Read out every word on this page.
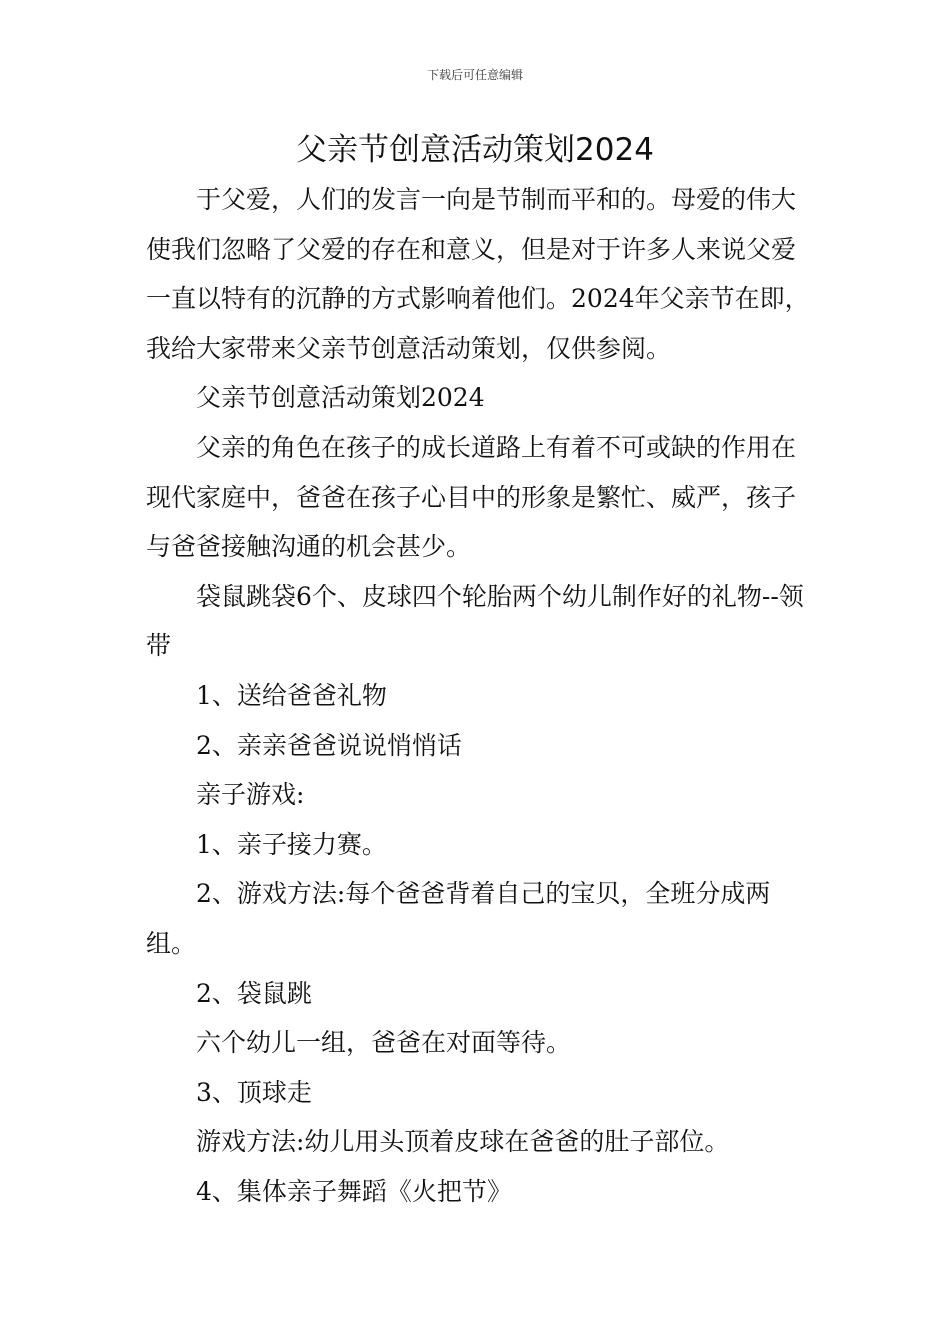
下载后可任意编辑
父亲节创意活动策划2024

于父爱，人们的发言一向是节制而平和的。母爱的伟大使我们忽略了父爱的存在和意义，但是对于许多人来说父爱一直以特有的沉静的方式影响着他们。2024年父亲节在即，我给大家带来父亲节创意活动策划，仅供参阅。

父亲节创意活动策划2024

父亲的角色在孩子的成长道路上有着不可或缺的作用在现代家庭中，爸爸在孩子心目中的形象是繁忙、威严，孩子与爸爸接触沟通的机会甚少。

袋鼠跳袋6个、皮球四个轮胎两个幼儿制作好的礼物--领带

1、送给爸爸礼物

2、亲亲爸爸说说悄悄话

亲子游戏:

1、亲子接力赛。

2、游戏方法:每个爸爸背着自己的宝贝，全班分成两组。

2、袋鼠跳

六个幼儿一组，爸爸在对面等待。

3、顶球走

游戏方法:幼儿用头顶着皮球在爸爸的肚子部位。

4、集体亲子舞蹈《火把节》
